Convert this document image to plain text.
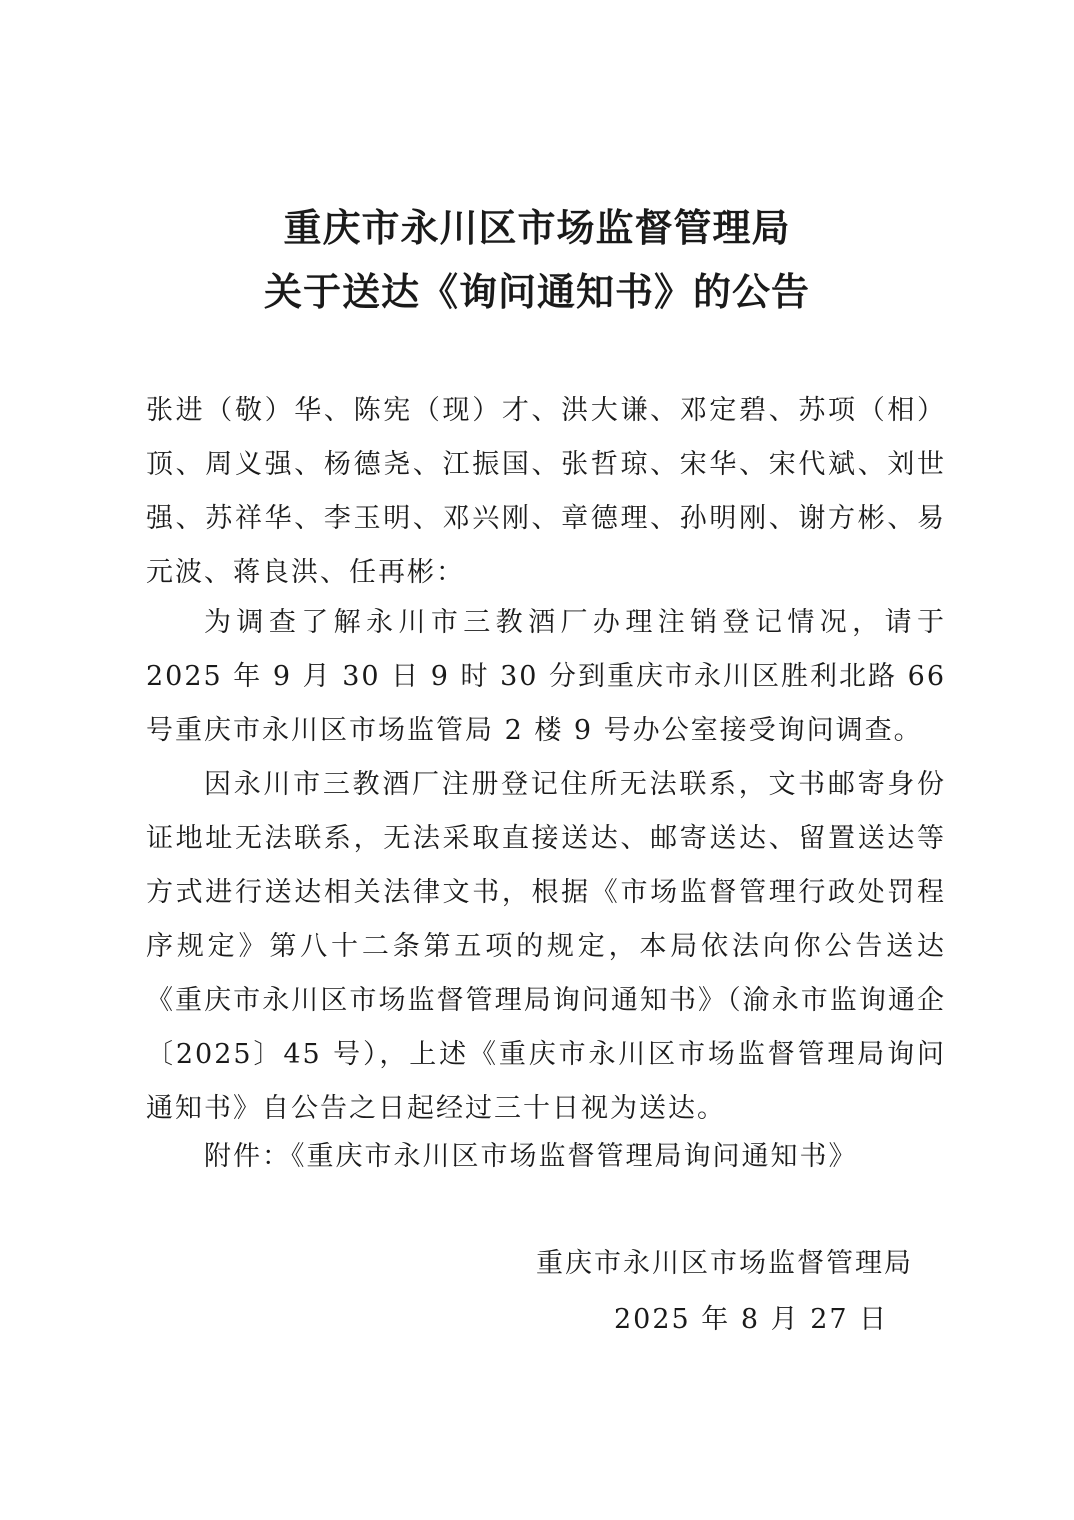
重庆市永川区市场监督管理局
关于送达《询问通知书》的公告
张进（敬）华、陈宪（现）才、洪大谦、邓定碧、苏项（相）顶、周义强、杨德尧、江振国、张哲琼、宋华、宋代斌、刘世强、苏祥华、李玉明、邓兴刚、章德理、孙明刚、谢方彬、易元波、蒋良洪、任再彬：
为调查了解永川市三教酒厂办理注销登记情况，请于 2025 年 9 月 30 日 9 时 30 分到重庆市永川区胜利北路 66 号重庆市永川区市场监管局 2 楼 9 号办公室接受询问调查。
因永川市三教酒厂注册登记住所无法联系，文书邮寄身份证地址无法联系，无法采取直接送达、邮寄送达、留置送达等方式进行送达相关法律文书，根据《市场监督管理行政处罚程序规定》第八十二条第五项的规定，本局依法向你公告送达《重庆市永川区市场监督管理局询问通知书》（渝永市监询通企〔2025〕45 号），上述《重庆市永川区市场监督管理局询问通知书》自公告之日起经过三十日视为送达。
附件：《重庆市永川区市场监督管理局询问通知书》
重庆市永川区市场监督管理局
2025 年 8 月 27 日
